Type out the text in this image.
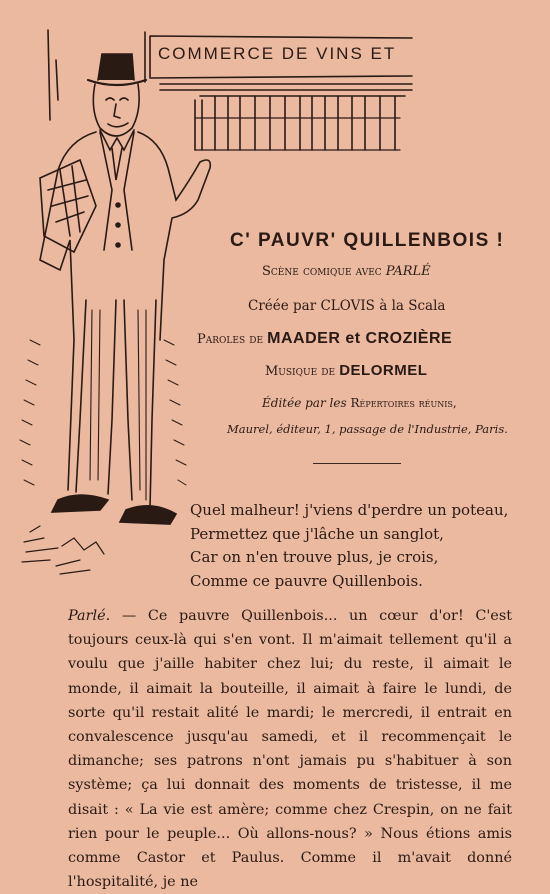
COMMERCE DE VINS ET
C' PAUVR' QUILLENBOIS !
Scène comique avec PARLÉ
Créée par CLOVIS à la Scala
Paroles de MAADER et CROZIÈRE
Musique de DELORMEL
Éditée par les Répertoires réunis,
Maurel, éditeur, 1, passage de l'Industrie, Paris.
Quel malheur! j'viens d'perdre un poteau,
Permettez que j'lâche un sanglot,
Car on n'en trouve plus, je crois,
Comme ce pauvre Quillenbois.
Parlé. — Ce pauvre Quillenbois... un cœur d'or! C'est toujours ceux-là qui s'en vont. Il m'aimait tellement qu'il a voulu que j'aille habiter chez lui; du reste, il aimait le monde, il aimait la bouteille, il aimait à faire le lundi, de sorte qu'il restait alité le mardi; le mercredi, il entrait en convalescence jusqu'au samedi, et il recommençait le dimanche; ses patrons n'ont jamais pu s'habituer à son système; ça lui donnait des moments de tristesse, il me disait : « La vie est amère; comme chez Crespin, on ne fait rien pour le peuple... Où allons-nous? » Nous étions amis comme Castor et Paulus. Comme il m'avait donné l'hospitalité, je ne
